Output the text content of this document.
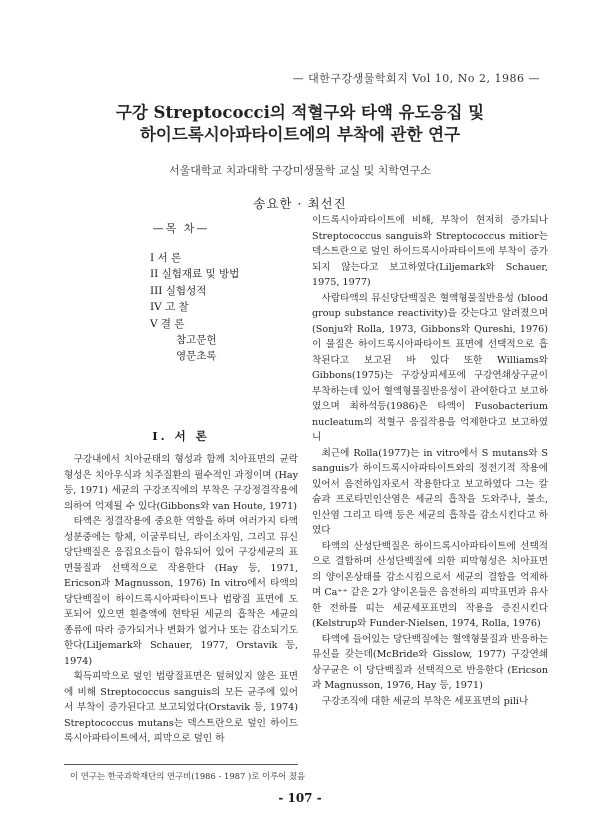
— 대한구강생물학회지 Vol 10, No 2, 1986 —
구강 Streptococci의 적혈구와 타액 유도응집 및
하이드록시아파타이트에의 부착에 관한 연구
서울대학교 치과대학 구강미생물학 교실 및 치학연구소
송요한 · 최선진
—목 차—
I 서 론
II 실험재료 및 방법
III 실험성적
IV 고 찰
V 결 론
참고문헌
영문초록
I. 서 론

구강내에서 치아균태의 형성과 함께 치아표면의 균락형성은 치아우식과 치주질환의 필수적인 과정이며 (Hay 등, 1971) 세균의 구강조직에의 부착은 구강정결작용에 의하여 억제될 수 있다(Gibbons와 van Houte, 1971)

타액은 정결작용에 중요한 역할을 하며 여러가지 타액성분중에는 항체, 이굴루티닌, 라이소자임, 그리고 뮤신당단백질은 응집요소들이 함유되어 있어 구강세균의 표면물질과 선택적으로 작용한다 (Hay 등, 1971, Ericson과 Magnusson, 1976) In vitro에서 타액의 당단백질이 하이드록시아파타이트나 법랑질 표면에 도포되어 있으면 흰층액에 현탁된 세균의 흡착은 세균의 종류에 따라 증가되거나 변화가 없거나 또는 감소되기도 한다(Liljemark와 Schauer, 1977, Orstavik 등, 1974)

획득피막으로 덮인 법랑질표면은 덮혀있지 않은 표면에 비해 Streptococcus sanguis의 모든 균주에 있어서 부착이 증가된다고 보고되었다(Orstavik 등, 1974) Streptococcus mutans는 덱스트란으로 덮인 하이드록시아파타이트에서, 피막으로 덮인 하

이드록시아파타이트에 비해, 부착이 현저히 증가되나 Streptococcus sanguis와 Streptococcus mitior는 덱스트란으로 덮인 하이드록시아파타이트에 부착이 증가되지 않는다고 보고하였다(Liljemark와 Schauer, 1975, 1977)

사람타액의 뮤신당단백질은 혈액형물질반응성 (blood group substance reactivity)을 갖는다고 알려졌으며 (Sonju와 Rolla, 1973, Gibbons와 Qureshi, 1976) 이 물질은 하이드록시아파타이트 표면에 선택적으로 흡착된다고 보고된 바 있다 또한 Williams와 Gibbons(1975)는 구강상피세포에 구강연쇄상구균이 부착하는데 있어 혈액형물질반응성이 관여한다고 보고하였으며 최하석등(1986)은 타액이 Fusobacterium nucleatum의 적혈구 응집작용을 억제한다고 보고하였니

최근에 Rolla(1977)는 in vitro에서 S mutans와 S sanguis가 하이드록시아파타이트와의 정전기적 작용에 있어서 음전하입자로서 작용한다고 보고하였다 그는 칼슘과 프로타민인산염은 세균의 흡착을 도와주나, 불소, 인산염 그리고 타액 등은 세균의 흡착을 감소시킨다고 하였다

타액의 산성단백질은 하이드록시아파타이트에 선택적으로 결합하며 산성단백질에 의한 피막형성은 치아표면의 양이온상태를 감소시킴으로서 세균의 결합을 억제하며 Ca⁺⁺ 같은 2가 양이온들은 음전하의 피막표면과 유사한 전하를 띠는 세균세포표면의 작용을 증진시킨다(Kelstrup와 Funder-Nielsen, 1974, Rolla, 1976)

타액에 들어있는 당단백질에는 혈액형물질과 반응하는 뮤신을 갖는데(McBride와 Gisslow, 1977) 구강연쇄상구균은 이 당단백질과 선택적으로 반응한다 (Ericson과 Magnusson, 1976, Hay 등, 1971)

구강조직에 대한 세균의 부착은 세포표면의 pili나

이 연구는 한국과학재단의 연구비(1986 - 1987 )로 이루어 졌음
- 107 -
